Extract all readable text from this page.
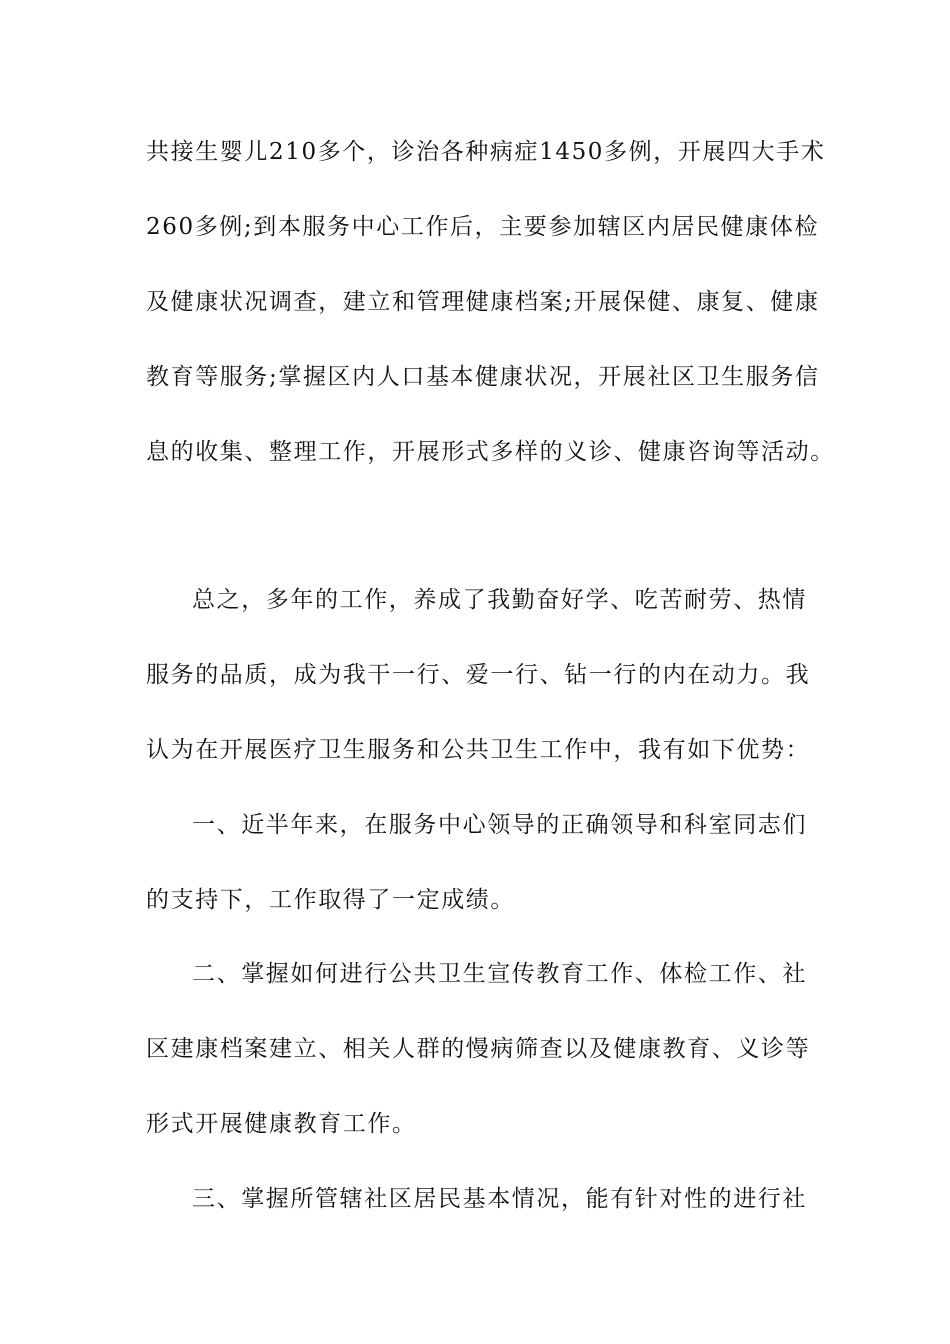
共接生婴儿210多个，诊治各种病症1450多例，开展四大手术
260多例;到本服务中心工作后，主要参加辖区内居民健康体检
及健康状况调查，建立和管理健康档案;开展保健、康复、健康
教育等服务;掌握区内人口基本健康状况，开展社区卫生服务信
息的收集、整理工作，开展形式多样的义诊、健康咨询等活动。
总之，多年的工作，养成了我勤奋好学、吃苦耐劳、热情
服务的品质，成为我干一行、爱一行、钻一行的内在动力。我
认为在开展医疗卫生服务和公共卫生工作中，我有如下优势：
一、近半年来，在服务中心领导的正确领导和科室同志们
的支持下，工作取得了一定成绩。
二、掌握如何进行公共卫生宣传教育工作、体检工作、社
区建康档案建立、相关人群的慢病筛查以及健康教育、义诊等
形式开展健康教育工作。
三、掌握所管辖社区居民基本情况，能有针对性的进行社
